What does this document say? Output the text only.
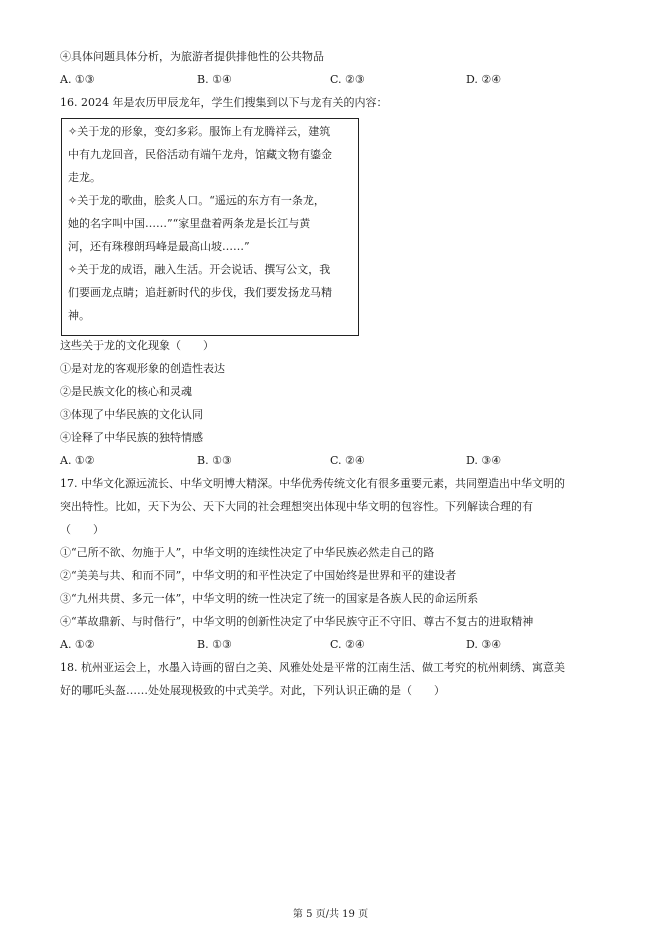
④具体问题具体分析，为旅游者提供排他性的公共物品
A. ①③	B. ①④	C. ②③	D. ②④
16. 2024 年是农历甲辰龙年，学生们搜集到以下与龙有关的内容：
✧关于龙的形象，变幻多彩。服饰上有龙腾祥云，建筑
中有九龙回音，民俗活动有端午龙舟，馆藏文物有鎏金
走龙。
✧关于龙的歌曲，脍炙人口。“遥远的东方有一条龙，
她的名字叫中国……”“家里盘着两条龙是长江与黄
河，还有珠穆朗玛峰是最高山坡……”
✧关于龙的成语，融入生活。开会说话、撰写公文，我
们要画龙点睛；追赶新时代的步伐，我们要发扬龙马精
神。
这些关于龙的文化现象（　　）
①是对龙的客观形象的创造性表达
②是民族文化的核心和灵魂
③体现了中华民族的文化认同
④诠释了中华民族的独特情感
A. ①②	B. ①③	C. ②④	D. ③④
17. 中华文化源远流长、中华文明博大精深。中华优秀传统文化有很多重要元素，共同塑造出中华文明的
突出特性。比如，天下为公、天下大同的社会理想突出体现中华文明的包容性。下列解读合理的有
（　　）
①“己所不欲、勿施于人”，中华文明的连续性决定了中华民族必然走自己的路
②“美美与共、和而不同”，中华文明的和平性决定了中国始终是世界和平的建设者
③“九州共贯、多元一体”，中华文明的统一性决定了统一的国家是各族人民的命运所系
④“革故鼎新、与时偕行”，中华文明的创新性决定了中华民族守正不守旧、尊古不复古的进取精神
A. ①②	B. ①③	C. ②④	D. ③④
18. 杭州亚运会上，水墨入诗画的留白之美、风雅处处是平常的江南生活、做工考究的杭州刺绣、寓意美
好的哪吒头盔……处处展现极致的中式美学。对此，下列认识正确的是（　　）
第 5 页/共 19 页
